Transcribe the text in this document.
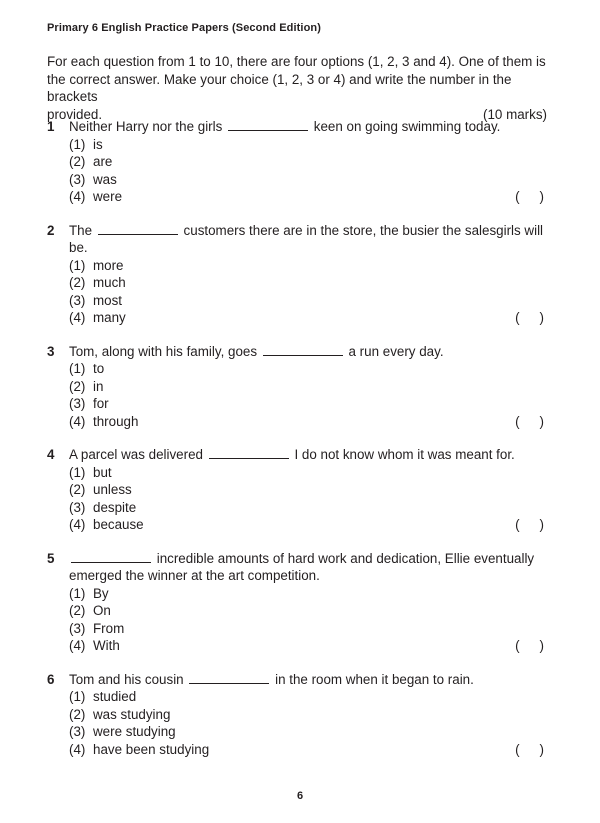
Primary 6 English Practice Papers (Second Edition)
For each question from 1 to 10, there are four options (1, 2, 3 and 4). One of them is the correct answer. Make your choice (1, 2, 3 or 4) and write the number in the brackets
provided.	(10 marks)
1	Neither Harry nor the girls	keen on going swimming today.
(1) is
(2) are
(3) was
(4) were	( )
2	The	customers there are in the store, the busier the salesgirls will be.
(1) more
(2) much
(3) most
(4) many	( )
3	Tom, along with his family, goes	a run every day.
(1) to
(2) in
(3) for
(4) through	( )
4	A parcel was delivered	I do not know whom it was meant for.
(1) but
(2) unless
(3) despite
(4) because	( )
5	incredible amounts of hard work and dedication, Ellie eventually
emerged the winner at the art competition.
(1) By
(2) On
(3) From
(4) With	( )
6	Tom and his cousin	in the room when it began to rain.
(1) studied
(2) was studying
(3) were studying
(4) have been studying	( )
6
